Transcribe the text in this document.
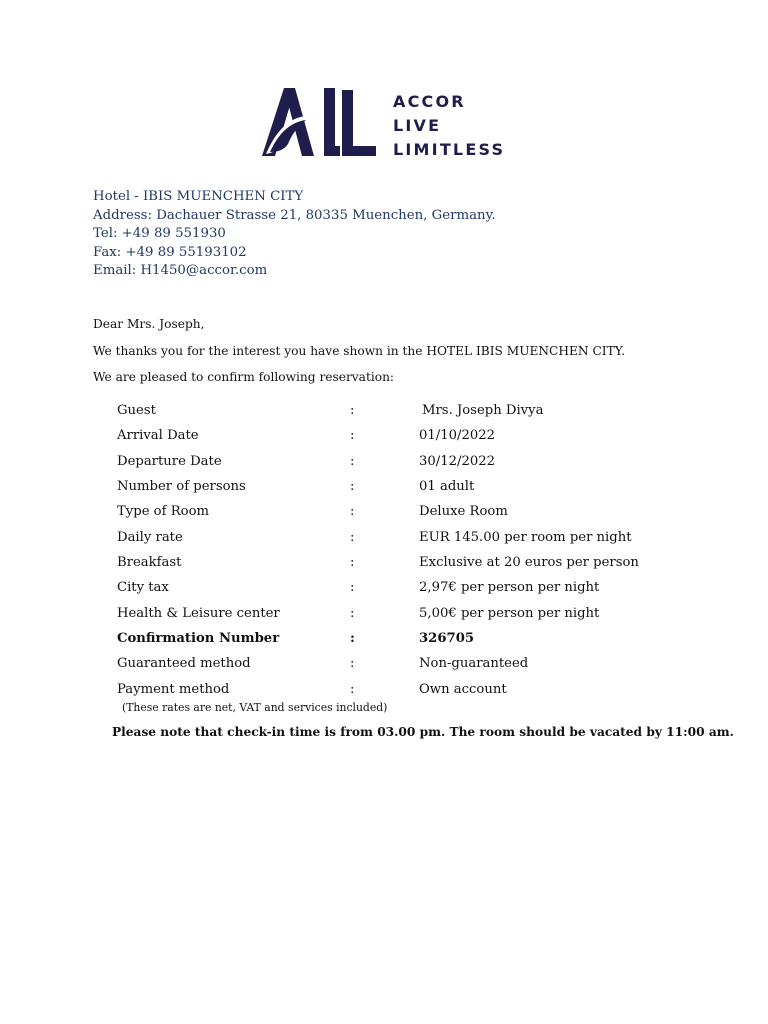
ACCOR
LIVE
LIMITLESS
Hotel - IBIS MUENCHEN CITY
Address: Dachauer Strasse 21, 80335 Muenchen, Germany.
Tel: +49 89 551930
Fax: +49 89 55193102
Email: H1450@accor.com
Dear Mrs. Joseph,
We thanks you for the interest you have shown in the HOTEL IBIS MUENCHEN CITY.
We are pleased to confirm following reservation:
Guest	:	Mrs. Joseph Divya
Arrival Date	:	01/10/2022
Departure Date	:	30/12/2022
Number of persons	:	01 adult
Type of Room	:	Deluxe Room
Daily rate	:	EUR 145.00 per room per night
Breakfast	:	Exclusive at 20 euros per person
City tax	:	2,97€ per person per night
Health & Leisure center	:	5,00€ per person per night
Confirmation Number	:	326705
Guaranteed method	:	Non-guaranteed
Payment method	:	Own account
(These rates are net, VAT and services included)
Please note that check-in time is from 03.00 pm. The room should be vacated by 11:00 am.
